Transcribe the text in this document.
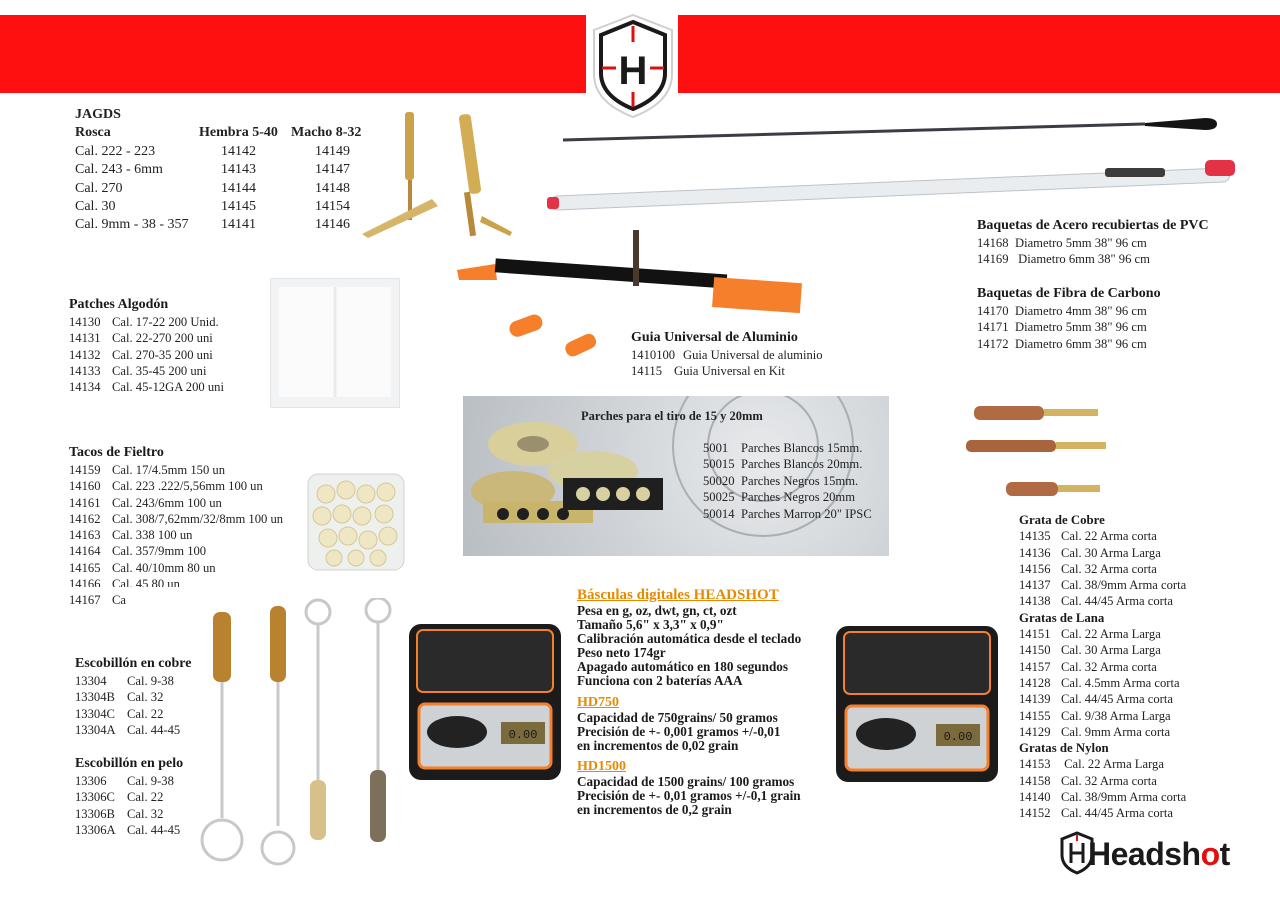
H
JAGDS
Rosca	Hembra 5-40 Macho 8-32
Cal. 222 - 223	14142	14149
Cal. 243 - 6mm	14143	14147
Cal. 270	14144	14148
Cal. 30	14145	14154
Cal. 9mm - 38 - 357 14141	14146
Patches Algodón
14130 Cal. 17-22 200 Unid.
14131 Cal. 22-270 200 uni
14132 Cal. 270-35 200 uni
14133 Cal. 35-45 200 uni
14134 Cal. 45-12GA 200 uni
Guia Universal de Aluminio
1410100 Guia Universal de aluminio
14115 Guia Universal en Kit
Baquetas de Acero recubiertas de PVC
14168 Diametro 5mm 38" 96 cm
14169 Diametro 6mm 38" 96 cm
Baquetas de Fibra de Carbono
14170 Diametro 4mm 38" 96 cm
14171 Diametro 5mm 38" 96 cm
14172 Diametro 6mm 38" 96 cm
Parches para el tiro de 15 y 20mm
5001 Parches Blancos 15mm.
50015 Parches Blancos 20mm.
50020 Parches Negros 15mm.
50025 Parches Negros 20mm
50014 Parches Marron 20" IPSC
Tacos de Fieltro
14159 Cal. 17/4.5mm 150 un
14160 Cal. 223 .222/5,56mm 100 un
14161 Cal. 243/6mm 100 un
14162 Cal. 308/7,62mm/32/8mm 100 un
14163 Cal. 338 100 un
14164 Cal. 357/9mm 100
14165 Cal. 40/10mm 80 un
14166 Cal. 45 80 un
14167 Ca
Escobillón en cobre
13304 Cal. 9-38
13304B Cal. 32
13304C Cal. 22
13304A Cal. 44-45
Escobillón en pelo
13306 Cal. 9-38
13306C Cal. 22
13306B Cal. 32
13306A Cal. 44-45
0.00	0.00
Básculas digitales HEADSHOT
Pesa en g, oz, dwt, gn, ct, ozt
Tamaño 5,6" x 3,3" x 0,9"
Calibración automática desde el teclado
Peso neto 174gr
Apagado automático en 180 segundos
Funciona con 2 baterías AAA
HD750
Capacidad de 750grains/ 50 gramos
Precisión de +- 0,001 gramos +/-0,01
en incrementos de 0,02 grain
HD1500
Capacidad de 1500 grains/ 100 gramos
Precisión de +- 0,01 gramos +/-0,1 grain
en incrementos de 0,2 grain
Grata de Cobre
14135 Cal. 22 Arma corta
14136 Cal. 30 Arma Larga
14156 Cal. 32 Arma corta
14137 Cal. 38/9mm Arma corta
14138 Cal. 44/45 Arma corta
Gratas de Lana
14151 Cal. 22 Arma Larga
14150 Cal. 30 Arma Larga
14157 Cal. 32 Arma corta
14128 Cal. 4.5mm Arma corta
14139 Cal. 44/45 Arma corta
14155 Cal. 9/38 Arma Larga
14129 Cal. 9mm Arma corta
Gratas de Nylon
14153 Cal. 22 Arma Larga
14158 Cal. 32 Arma corta
14140 Cal. 38/9mm Arma corta
14152 Cal. 44/45 Arma corta
Headshot
